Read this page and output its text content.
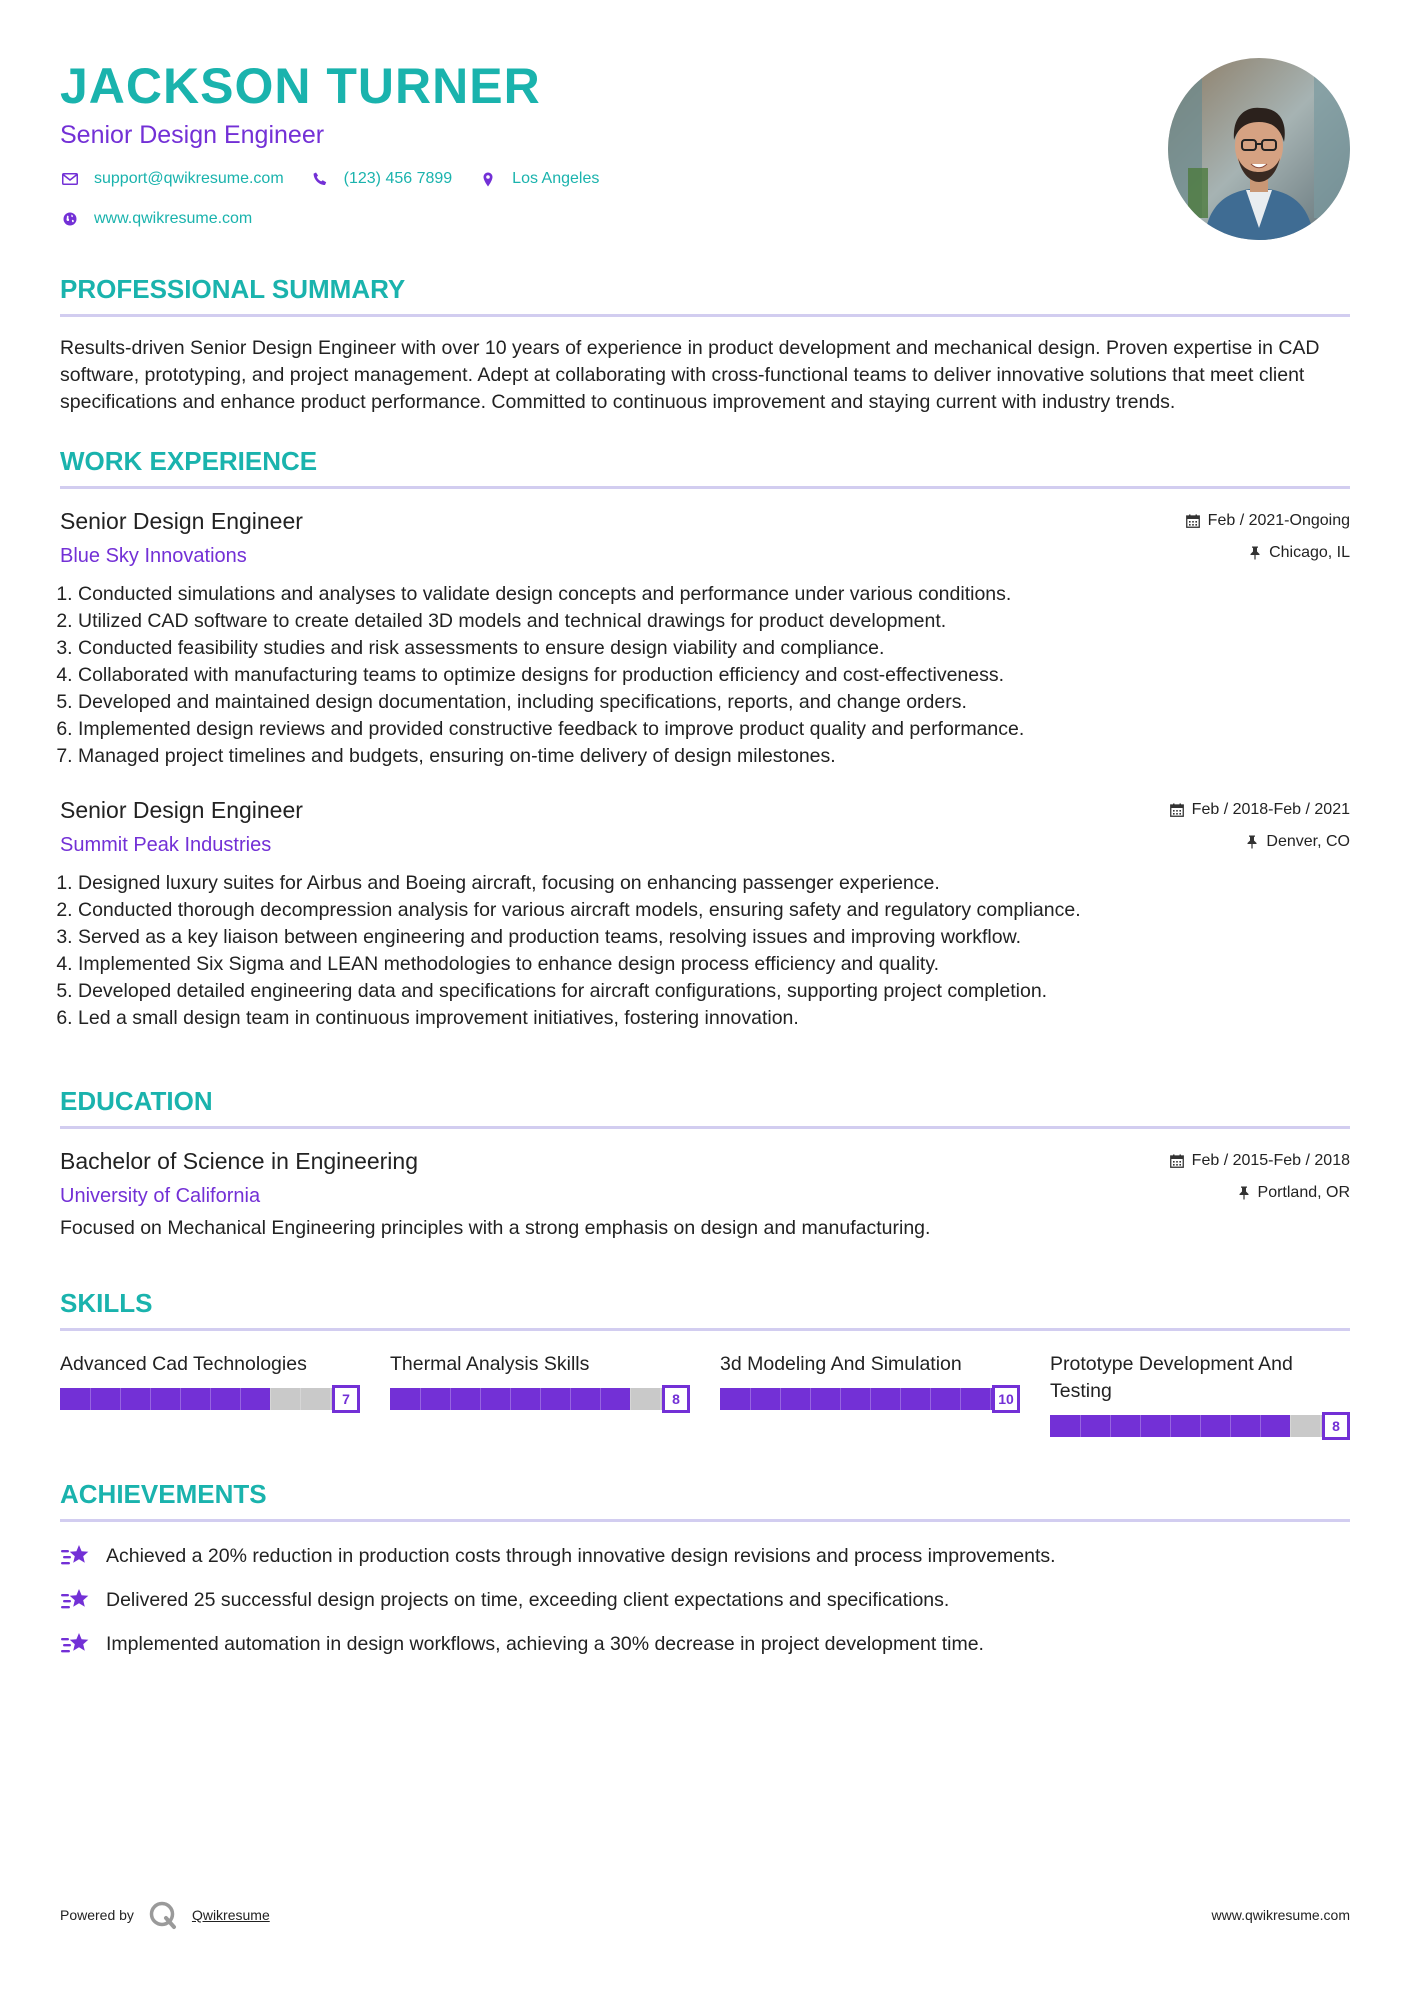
JACKSON TURNER
Senior Design Engineer
support@qwikresume.com	(123) 456 7899	Los Angeles
www.qwikresume.com
PROFESSIONAL SUMMARY

Results-driven Senior Design Engineer with over 10 years of experience in product development and mechanical design. Proven expertise in CAD software, prototyping, and project management. Adept at collaborating with cross-functional teams to deliver innovative solutions that meet client specifications and enhance product performance. Committed to continuous improvement and staying current with industry trends.

WORK EXPERIENCE
Senior Design Engineer
Blue Sky Innovations
Feb / 2021-Ongoing
Chicago, IL
1. Conducted simulations and analyses to validate design concepts and performance under various conditions.
2. Utilized CAD software to create detailed 3D models and technical drawings for product development.
3. Conducted feasibility studies and risk assessments to ensure design viability and compliance.
4. Collaborated with manufacturing teams to optimize designs for production efficiency and cost-effectiveness.
5. Developed and maintained design documentation, including specifications, reports, and change orders.
6. Implemented design reviews and provided constructive feedback to improve product quality and performance.
7. Managed project timelines and budgets, ensuring on-time delivery of design milestones.
Senior Design Engineer
Summit Peak Industries
Feb / 2018-Feb / 2021
Denver, CO
1. Designed luxury suites for Airbus and Boeing aircraft, focusing on enhancing passenger experience.
2. Conducted thorough decompression analysis for various aircraft models, ensuring safety and regulatory compliance.
3. Served as a key liaison between engineering and production teams, resolving issues and improving workflow.
4. Implemented Six Sigma and LEAN methodologies to enhance design process efficiency and quality.
5. Developed detailed engineering data and specifications for aircraft configurations, supporting project completion.
6. Led a small design team in continuous improvement initiatives, fostering innovation.
EDUCATION
Bachelor of Science in Engineering
University of California
Feb / 2015-Feb / 2018
Portland, OR

Focused on Mechanical Engineering principles with a strong emphasis on design and manufacturing.

SKILLS
Advanced Cad Technologies
7
Thermal Analysis Skills
8
3d Modeling And Simulation
10
Prototype Development And Testing
8
ACHIEVEMENTS
Achieved a 20% reduction in production costs through innovative design revisions and process improvements.
Delivered 25 successful design projects on time, exceeding client expectations and specifications.
Implemented automation in design workflows, achieving a 30% decrease in project development time.
Powered by	Qwikresume	www.qwikresume.com
